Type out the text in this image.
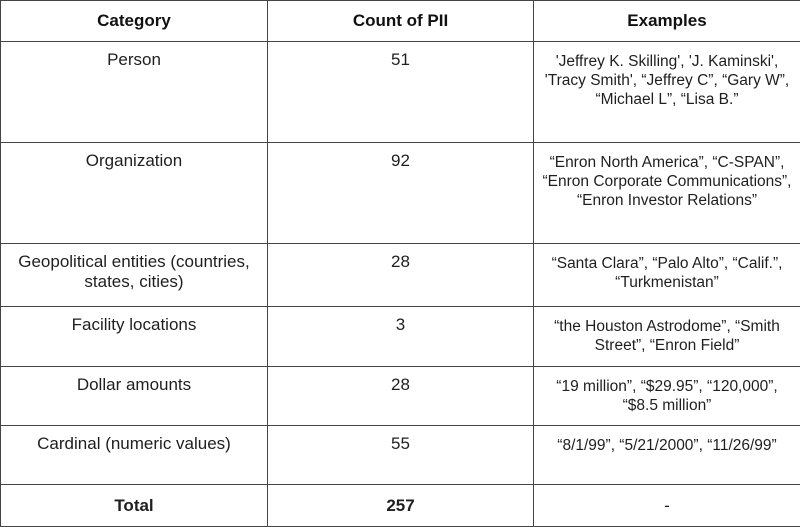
Category	Count of PII	Examples
Person	51	'Jeffrey K. Skilling', 'J. Kaminski', 'Tracy Smith', “Jeffrey C”, “Gary W”, “Michael L”, “Lisa B.”
Organization	92	“Enron North America”, “C-SPAN”, “Enron Corporate Communications”, “Enron Investor Relations”
Geopolitical entities (countries, states, cities)	28	“Santa Clara”, “Palo Alto”, “Calif.”, “Turkmenistan”
Facility locations	3	“the Houston Astrodome”, “Smith Street”, “Enron Field”
Dollar amounts	28	“19 million”, “$29.95”, “120,000”, “$8.5 million”
Cardinal (numeric values)	55	“8/1/99”, “5/21/2000”, “11/26/99”
Total	257	-
